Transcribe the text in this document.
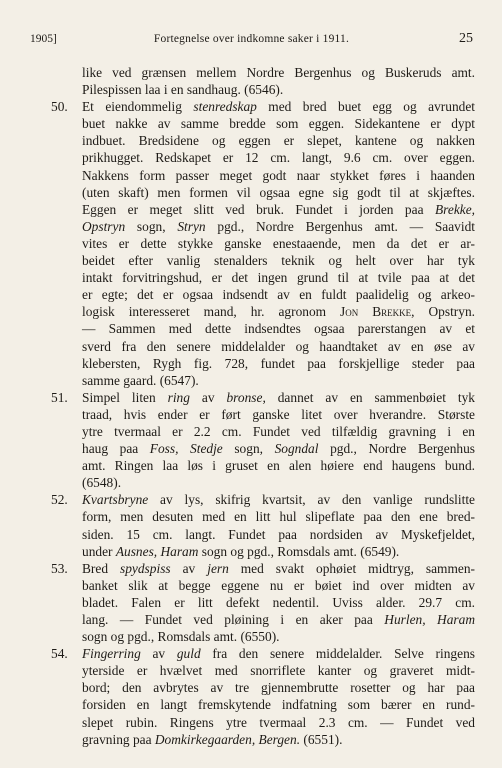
1905]	Fortegnelse over indkomne saker i 1911.	25
like ved grænsen mellem Nordre Bergenhus og Buskeruds amt.
Pilespissen laa i en sandhaug. (6546).
50. Et eiendommelig stenredskap med bred buet egg og avrundet
buet nakke av samme bredde som eggen. Sidekantene er dypt
indbuet. Bredsidene og eggen er slepet, kantene og nakken
prikhugget. Redskapet er 12 cm. langt, 9.6 cm. over eggen.
Nakkens form passer meget godt naar stykket føres i haanden
(uten skaft) men formen vil ogsaa egne sig godt til at skjæftes.
Eggen er meget slitt ved bruk. Fundet i jorden paa Brekke,
Opstryn sogn, Stryn pgd., Nordre Bergenhus amt. — Saavidt
vites er dette stykke ganske enestaaende, men da det er ar-
beidet efter vanlig stenalders teknik og helt over har tyk
intakt forvitringshud, er det ingen grund til at tvile paa at det
er egte; det er ogsaa indsendt av en fuldt paalidelig og arkeo-
logisk interesseret mand, hr. agronom Jon Brekke, Opstryn.
— Sammen med dette indsendtes ogsaa parerstangen av et
sverd fra den senere middelalder og haandtaket av en øse av
klebersten, Rygh fig. 728, fundet paa forskjellige steder paa
samme gaard. (6547).
51. Simpel liten ring av bronse, dannet av en sammenbøiet tyk
traad, hvis ender er ført ganske litet over hverandre. Største
ytre tvermaal er 2.2 cm. Fundet ved tilfældig gravning i en
haug paa Foss, Stedje sogn, Sogndal pgd., Nordre Bergenhus
amt. Ringen laa løs i gruset en alen høiere end haugens bund.
(6548).
52. Kvartsbryne av lys, skifrig kvartsit, av den vanlige rundslitte
form, men desuten med en litt hul slipeflate paa den ene bred-
siden. 15 cm. langt. Fundet paa nordsiden av Myskefjeldet,
under Ausnes, Haram sogn og pgd., Romsdals amt. (6549).
53. Bred spydspiss av jern med svakt ophøiet midtryg, sammen-
banket slik at begge eggene nu er bøiet ind over midten av
bladet. Falen er litt defekt nedentil. Uviss alder. 29.7 cm.
lang. — Fundet ved pløining i en aker paa Hurlen, Haram
sogn og pgd., Romsdals amt. (6550).
54. Fingerring av guld fra den senere middelalder. Selve ringens
yterside er hvælvet med snorriflete kanter og graveret midt-
bord; den avbrytes av tre gjennembrutte rosetter og har paa
forsiden en langt fremskytende indfatning som bærer en rund-
slepet rubin. Ringens ytre tvermaal 2.3 cm. — Fundet ved
gravning paa Domkirkegaarden, Bergen. (6551).
